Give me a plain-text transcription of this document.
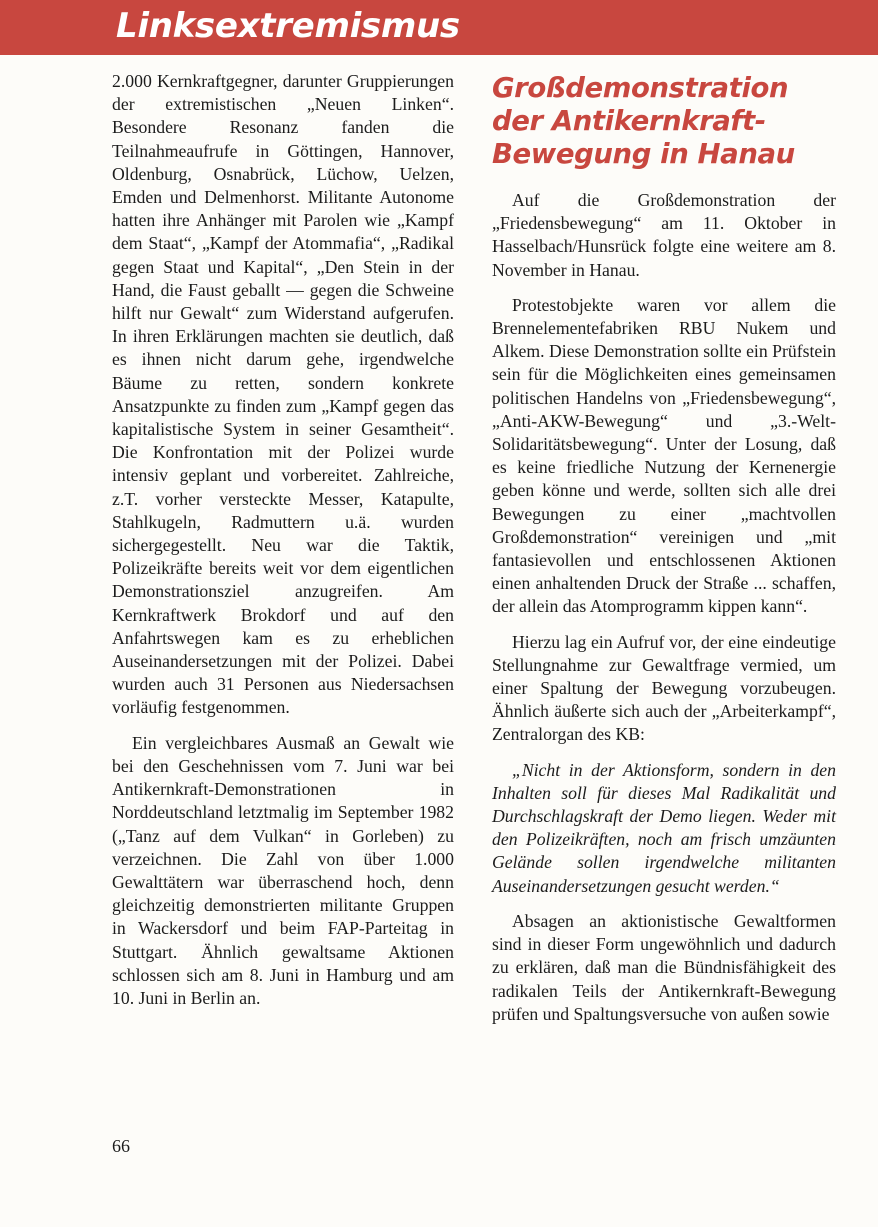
Linksextremismus

2.000 Kernkraftgegner, darunter Gruppierungen der extremistischen „Neuen Linken“. Besondere Resonanz fanden die Teilnahmeaufrufe in Göttingen, Hannover, Oldenburg, Osnabrück, Lüchow, Uelzen, Emden und Delmenhorst. Militante Autonome hatten ihre Anhänger mit Parolen wie „Kampf dem Staat“, „Kampf der Atommafia“, „Radikal gegen Staat und Kapital“, „Den Stein in der Hand, die Faust geballt — gegen die Schweine hilft nur Gewalt“ zum Widerstand aufgerufen. In ihren Erklärungen machten sie deutlich, daß es ihnen nicht darum gehe, irgendwelche Bäume zu retten, sondern konkrete Ansatzpunkte zu finden zum „Kampf gegen das kapitalistische System in seiner Gesamtheit“. Die Konfrontation mit der Polizei wurde intensiv geplant und vorbereitet. Zahlreiche, z.T. vorher versteckte Messer, Katapulte, Stahlkugeln, Radmuttern u.ä. wurden sichergegestellt. Neu war die Taktik, Polizeikräfte bereits weit vor dem eigentlichen Demonstrationsziel anzugreifen. Am Kernkraftwerk Brokdorf und auf den Anfahrtswegen kam es zu erheblichen Auseinandersetzungen mit der Polizei. Dabei wurden auch 31 Personen aus Niedersachsen vorläufig festgenommen.

Ein vergleichbares Ausmaß an Gewalt wie bei den Geschehnissen vom 7. Juni war bei Antikernkraft-Demonstrationen in Norddeutschland letztmalig im September 1982 („Tanz auf dem Vulkan“ in Gorleben) zu verzeichnen. Die Zahl von über 1.000 Gewalttätern war überraschend hoch, denn gleichzeitig demonstrierten militante Gruppen in Wackersdorf und beim FAP-Parteitag in Stuttgart. Ähnlich gewaltsame Aktionen schlossen sich am 8. Juni in Hamburg und am 10. Juni in Berlin an.

Großdemonstration der Antikernkraft-Bewegung in Hanau

Auf die Großdemonstration der „Friedensbewegung“ am 11. Oktober in Hasselbach/Hunsrück folgte eine weitere am 8. November in Hanau.

Protestobjekte waren vor allem die Brennelementefabriken RBU Nukem und Alkem. Diese Demonstration sollte ein Prüfstein sein für die Möglichkeiten eines gemeinsamen politischen Handelns von „Friedensbewegung“, „Anti-AKW-Bewegung“ und „3.-Welt-Solidaritätsbewegung“. Unter der Losung, daß es keine friedliche Nutzung der Kernenergie geben könne und werde, sollten sich alle drei Bewegungen zu einer „machtvollen Großdemonstration“ vereinigen und „mit fantasievollen und entschlossenen Aktionen einen anhaltenden Druck der Straße ... schaffen, der allein das Atomprogramm kippen kann“.

Hierzu lag ein Aufruf vor, der eine eindeutige Stellungnahme zur Gewaltfrage vermied, um einer Spaltung der Bewegung vorzubeugen. Ähnlich äußerte sich auch der „Arbeiterkampf“, Zentralorgan des KB:

„Nicht in der Aktionsform, sondern in den Inhalten soll für dieses Mal Radikalität und Durchschlagskraft der Demo liegen. Weder mit den Polizeikräften, noch am frisch umzäunten Gelände sollen irgendwelche militanten Auseinandersetzungen gesucht werden.“

Absagen an aktionistische Gewaltformen sind in dieser Form ungewöhnlich und dadurch zu erklären, daß man die Bündnisfähigkeit des radikalen Teils der Antikernkraft-Bewegung prüfen und Spaltungsversuche von außen sowie

66
